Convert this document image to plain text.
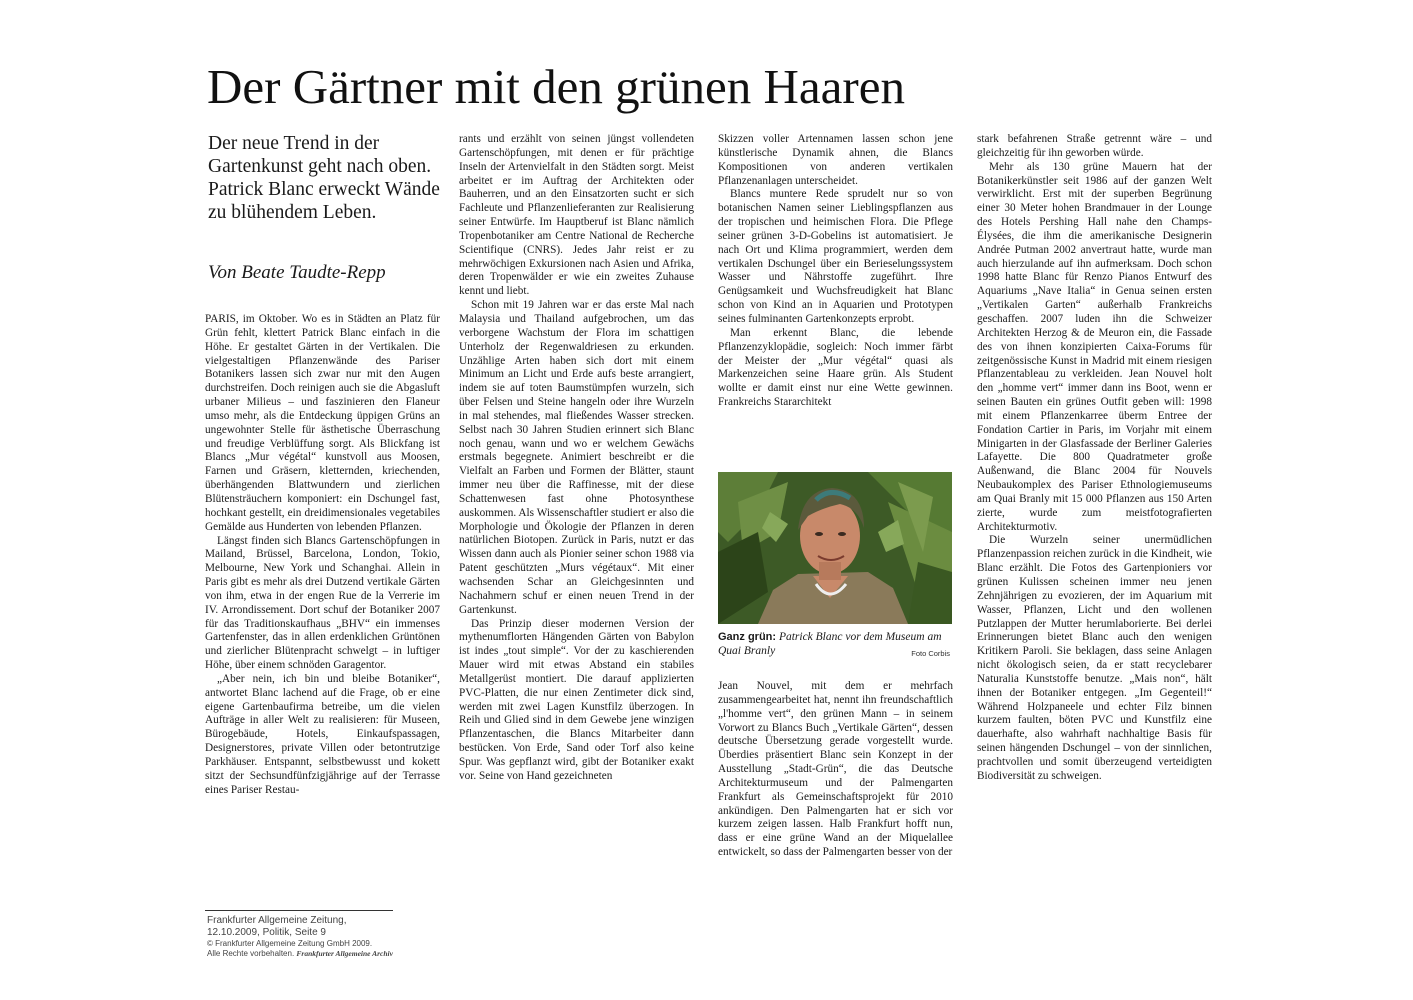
Der Gärtner mit den grünen Haaren
Der neue Trend in der Gartenkunst geht nach oben. Patrick Blanc erweckt Wände zu blühendem Leben.
Von Beate Taudte-Repp

PARIS, im Oktober. Wo es in Städten an Platz für Grün fehlt, klettert Patrick Blanc einfach in die Höhe. Er gestaltet Gärten in der Vertikalen. Die vielgestaltigen Pflanzenwände des Pariser Botanikers lassen sich zwar nur mit den Augen durchstreifen. Doch reinigen auch sie die Abgasluft urbaner Milieus – und faszinieren den Flaneur umso mehr, als die Entdeckung üppigen Grüns an ungewohnter Stelle für ästhetische Überraschung und freudige Verblüffung sorgt. Als Blickfang ist Blancs „Mur végétal“ kunstvoll aus Moosen, Farnen und Gräsern, kletternden, kriechenden, überhängenden Blattwundern und zierlichen Blütensträuchern komponiert: ein Dschungel fast, hochkant gestellt, ein dreidimensionales vegetabiles Gemälde aus Hunderten von lebenden Pflanzen.

Längst finden sich Blancs Gartenschöpfungen in Mailand, Brüssel, Barcelona, London, Tokio, Melbourne, New York und Schanghai. Allein in Paris gibt es mehr als drei Dutzend vertikale Gärten von ihm, etwa in der engen Rue de la Verrerie im IV. Arrondissement. Dort schuf der Botaniker 2007 für das Traditionskaufhaus „BHV“ ein immenses Gartenfenster, das in allen erdenklichen Grüntönen und zierlicher Blütenpracht schwelgt – in luftiger Höhe, über einem schnöden Garagentor.

„Aber nein, ich bin und bleibe Botaniker“, antwortet Blanc lachend auf die Frage, ob er eine eigene Gartenbaufirma betreibe, um die vielen Aufträge in aller Welt zu realisieren: für Museen, Bürogebäude, Hotels, Einkaufspassagen, Designerstores, private Villen oder betontrutzige Parkhäuser. Entspannt, selbstbewusst und kokett sitzt der Sechsundfünfzigjährige auf der Terrasse eines Pariser Restau-

rants und erzählt von seinen jüngst vollendeten Gartenschöpfungen, mit denen er für prächtige Inseln der Artenvielfalt in den Städten sorgt. Meist arbeitet er im Auftrag der Architekten oder Bauherren, und an den Einsatzorten sucht er sich Fachleute und Pflanzenlieferanten zur Realisierung seiner Entwürfe. Im Hauptberuf ist Blanc nämlich Tropenbotaniker am Centre National de Recherche Scientifique (CNRS). Jedes Jahr reist er zu mehrwöchigen Exkursionen nach Asien und Afrika, deren Tropenwälder er wie ein zweites Zuhause kennt und liebt.

Schon mit 19 Jahren war er das erste Mal nach Malaysia und Thailand aufgebrochen, um das verborgene Wachstum der Flora im schattigen Unterholz der Regenwaldriesen zu erkunden. Unzählige Arten haben sich dort mit einem Minimum an Licht und Erde aufs beste arrangiert, indem sie auf toten Baumstümpfen wurzeln, sich über Felsen und Steine hangeln oder ihre Wurzeln in mal stehendes, mal fließendes Wasser strecken. Selbst nach 30 Jahren Studien erinnert sich Blanc noch genau, wann und wo er welchem Gewächs erstmals begegnete. Animiert beschreibt er die Vielfalt an Farben und Formen der Blätter, staunt immer neu über die Raffinesse, mit der diese Schattenwesen fast ohne Photosynthese auskommen. Als Wissenschaftler studiert er also die Morphologie und Ökologie der Pflanzen in deren natürlichen Biotopen. Zurück in Paris, nutzt er das Wissen dann auch als Pionier seiner schon 1988 via Patent geschützten „Murs végétaux“. Mit einer wachsenden Schar an Gleichgesinnten und Nachahmern schuf er einen neuen Trend in der Gartenkunst.

Das Prinzip dieser modernen Version der mythenumflorten Hängenden Gärten von Babylon ist indes „tout simple“. Vor der zu kaschierenden Mauer wird mit etwas Abstand ein stabiles Metallgerüst montiert. Die darauf applizierten PVC-Platten, die nur einen Zentimeter dick sind, werden mit zwei Lagen Kunstfilz überzogen. In Reih und Glied sind in dem Gewebe jene winzigen Pflanzentaschen, die Blancs Mitarbeiter dann bestücken. Von Erde, Sand oder Torf also keine Spur. Was gepflanzt wird, gibt der Botaniker exakt vor. Seine von Hand gezeichneten

Skizzen voller Artennamen lassen schon jene künstlerische Dynamik ahnen, die Blancs Kompositionen von anderen vertikalen Pflanzenanlagen unterscheidet.

Blancs muntere Rede sprudelt nur so von botanischen Namen seiner Lieblingspflanzen aus der tropischen und heimischen Flora. Die Pflege seiner grünen 3-D-Gobelins ist automatisiert. Je nach Ort und Klima programmiert, werden dem vertikalen Dschungel über ein Berieselungssystem Wasser und Nährstoffe zugeführt. Ihre Genügsamkeit und Wuchsfreudigkeit hat Blanc schon von Kind an in Aquarien und Prototypen seines fulminanten Gartenkonzepts erprobt.

Man erkennt Blanc, die lebende Pflanzenzyklopädie, sogleich: Noch immer färbt der Meister der „Mur végétal“ quasi als Markenzeichen seine Haare grün. Als Student wollte er damit einst nur eine Wette gewinnen. Frankreichs Stararchitekt

Ganz grün: Patrick Blanc vor dem Museum am Quai Branly	Foto Corbis

Jean Nouvel, mit dem er mehrfach zusammengearbeitet hat, nennt ihn freundschaftlich „l'homme vert“, den grünen Mann – in seinem Vorwort zu Blancs Buch „Vertikale Gärten“, dessen deutsche Übersetzung gerade vorgestellt wurde. Überdies präsentiert Blanc sein Konzept in der Ausstellung „Stadt-Grün“, die das Deutsche Architekturmuseum und der Palmengarten Frankfurt als Gemeinschaftsprojekt für 2010 ankündigen. Den Palmengarten hat er sich vor kurzem zeigen lassen. Halb Frankfurt hofft nun, dass er eine grüne Wand an der Miquelallee entwickelt, so dass der Palmengarten besser von der

stark befahrenen Straße getrennt wäre – und gleichzeitig für ihn geworben würde.

Mehr als 130 grüne Mauern hat der Botanikerkünstler seit 1986 auf der ganzen Welt verwirklicht. Erst mit der superben Begrünung einer 30 Meter hohen Brandmauer in der Lounge des Hotels Pershing Hall nahe den Champs-Élysées, die ihm die amerikanische Designerin Andrée Putman 2002 anvertraut hatte, wurde man auch hierzulande auf ihn aufmerksam. Doch schon 1998 hatte Blanc für Renzo Pianos Entwurf des Aquariums „Nave Italia“ in Genua seinen ersten „Vertikalen Garten“ außerhalb Frankreichs geschaffen. 2007 luden ihn die Schweizer Architekten Herzog & de Meuron ein, die Fassade des von ihnen konzipierten Caixa-Forums für zeitgenössische Kunst in Madrid mit einem riesigen Pflanzentableau zu verkleiden. Jean Nouvel holt den „homme vert“ immer dann ins Boot, wenn er seinen Bauten ein grünes Outfit geben will: 1998 mit einem Pflanzenkarree überm Entree der Fondation Cartier in Paris, im Vorjahr mit einem Minigarten in der Glasfassade der Berliner Galeries Lafayette. Die 800 Quadratmeter große Außenwand, die Blanc 2004 für Nouvels Neubaukomplex des Pariser Ethnologiemuseums am Quai Branly mit 15 000 Pflanzen aus 150 Arten zierte, wurde zum meistfotografierten Architekturmotiv.

Die Wurzeln seiner unermüdlichen Pflanzenpassion reichen zurück in die Kindheit, wie Blanc erzählt. Die Fotos des Gartenpioniers vor grünen Kulissen scheinen immer neu jenen Zehnjährigen zu evozieren, der im Aquarium mit Wasser, Pflanzen, Licht und den wollenen Putzlappen der Mutter herumlaborierte. Bei derlei Erinnerungen bietet Blanc auch den wenigen Kritikern Paroli. Sie beklagen, dass seine Anlagen nicht ökologisch seien, da er statt recyclebarer Naturalia Kunststoffe benutze. „Mais non“, hält ihnen der Botaniker entgegen. „Im Gegenteil!“ Während Holzpaneele und echter Filz binnen kurzem faulten, böten PVC und Kunstfilz eine dauerhafte, also wahrhaft nachhaltige Basis für seinen hängenden Dschungel – von der sinnlichen, prachtvollen und somit überzeugend verteidigten Biodiversität zu schweigen.

Frankfurter Allgemeine Zeitung,
12.10.2009, Politik, Seite 9
© Frankfurter Allgemeine Zeitung GmbH 2009.
Alle Rechte vorbehalten. Frankfurter Allgemeine Archiv
